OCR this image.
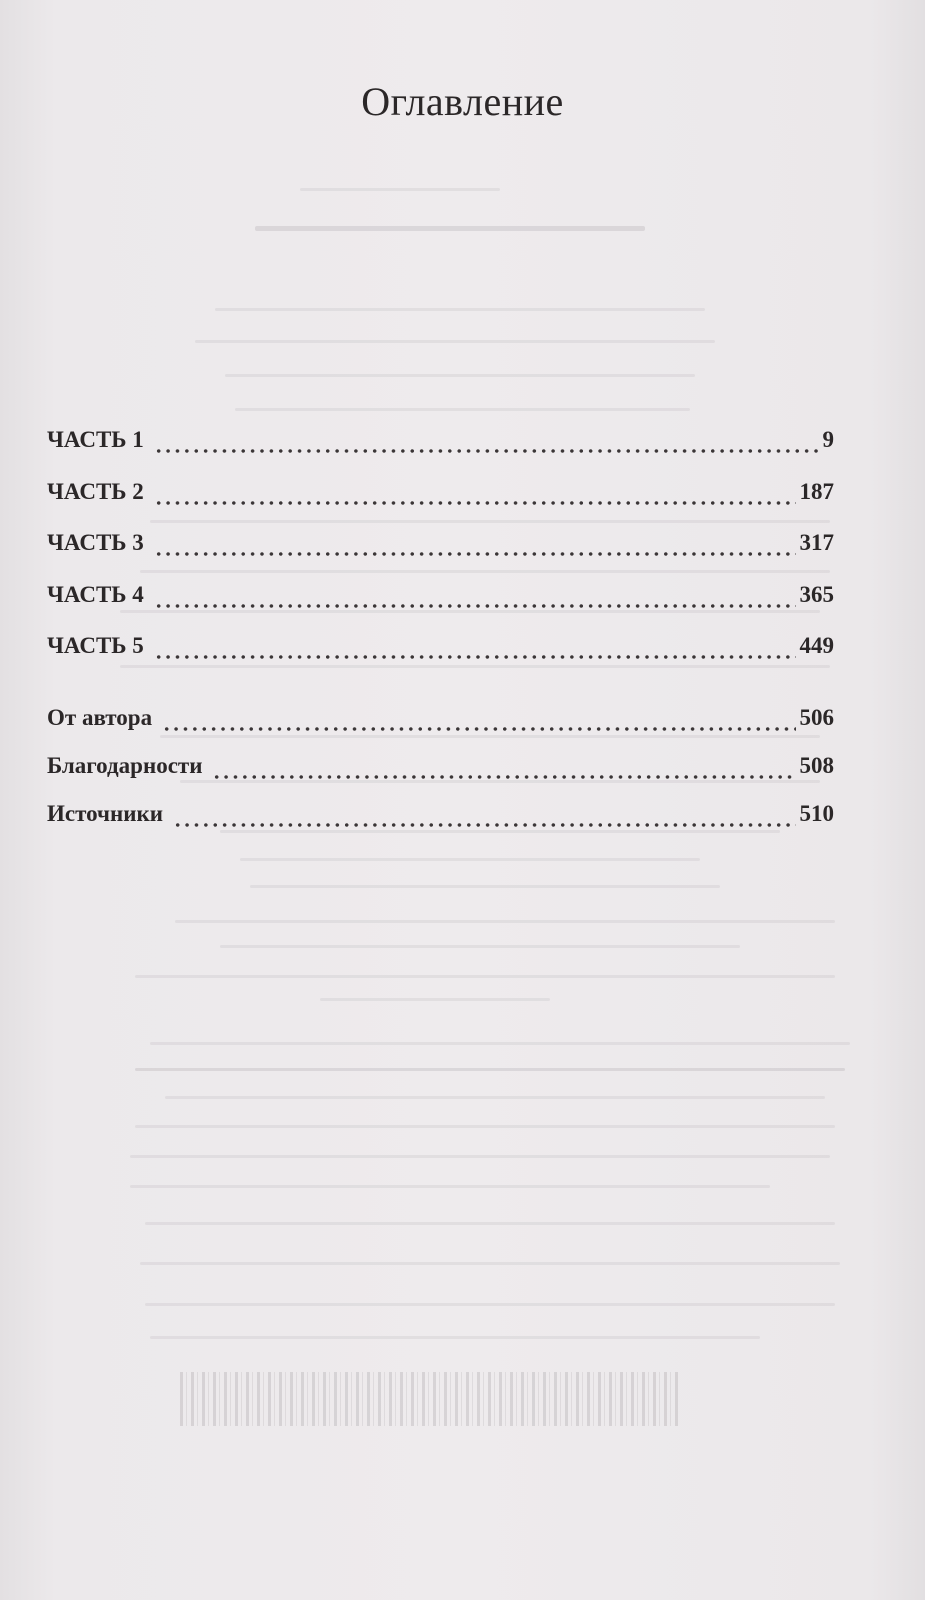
Оглавление
ЧАСТЬ 1	9
ЧАСТЬ 2	187
ЧАСТЬ 3	317
ЧАСТЬ 4	365
ЧАСТЬ 5	449
От автора	506
Благодарности	508
Источники	510
